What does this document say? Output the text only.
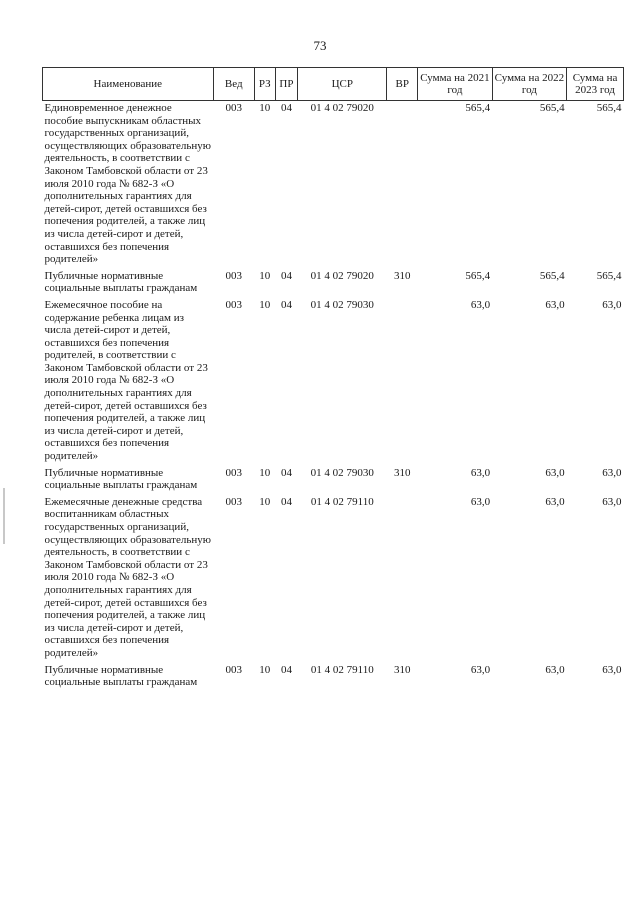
73
Наименование	Вед	РЗ	ПР	ЦСР	ВР	Сумма на 2021 год	Сумма на 2022 год	Сумма на 2023 год
Единовременное денежное пособие выпускникам областных государственных организаций, осуществляющих образовательную деятельность, в соответствии с Законом Тамбовской области от 23 июля 2010 года № 682-З «О дополнительных гарантиях для детей-сирот, детей оставшихся без попечения родителей, а также лиц из числа детей-сирот и детей, оставшихся без попечения родителей»	003	10	04	01 4 02 79020		565,4	565,4	565,4
Публичные нормативные социальные выплаты гражданам	003	10	04	01 4 02 79020	310	565,4	565,4	565,4
Ежемесячное пособие на содержание ребенка лицам из числа детей-сирот и детей, оставшихся без попечения родителей, в соответствии с Законом Тамбовской области от 23 июля 2010 года № 682-З «О дополнительных гарантиях для детей-сирот, детей оставшихся без попечения родителей, а также лиц из числа детей-сирот и детей, оставшихся без попечения родителей»	003	10	04	01 4 02 79030		63,0	63,0	63,0
Публичные нормативные социальные выплаты гражданам	003	10	04	01 4 02 79030	310	63,0	63,0	63,0
Ежемесячные денежные средства воспитанникам областных государственных организаций, осуществляющих образовательную деятельность, в соответствии с Законом Тамбовской области от 23 июля 2010 года № 682-З «О дополнительных гарантиях для детей-сирот, детей оставшихся без попечения родителей, а также лиц из числа детей-сирот и детей, оставшихся без попечения родителей»	003	10	04	01 4 02 79110		63,0	63,0	63,0
Публичные нормативные социальные выплаты гражданам	003	10	04	01 4 02 79110	310	63,0	63,0	63,0
